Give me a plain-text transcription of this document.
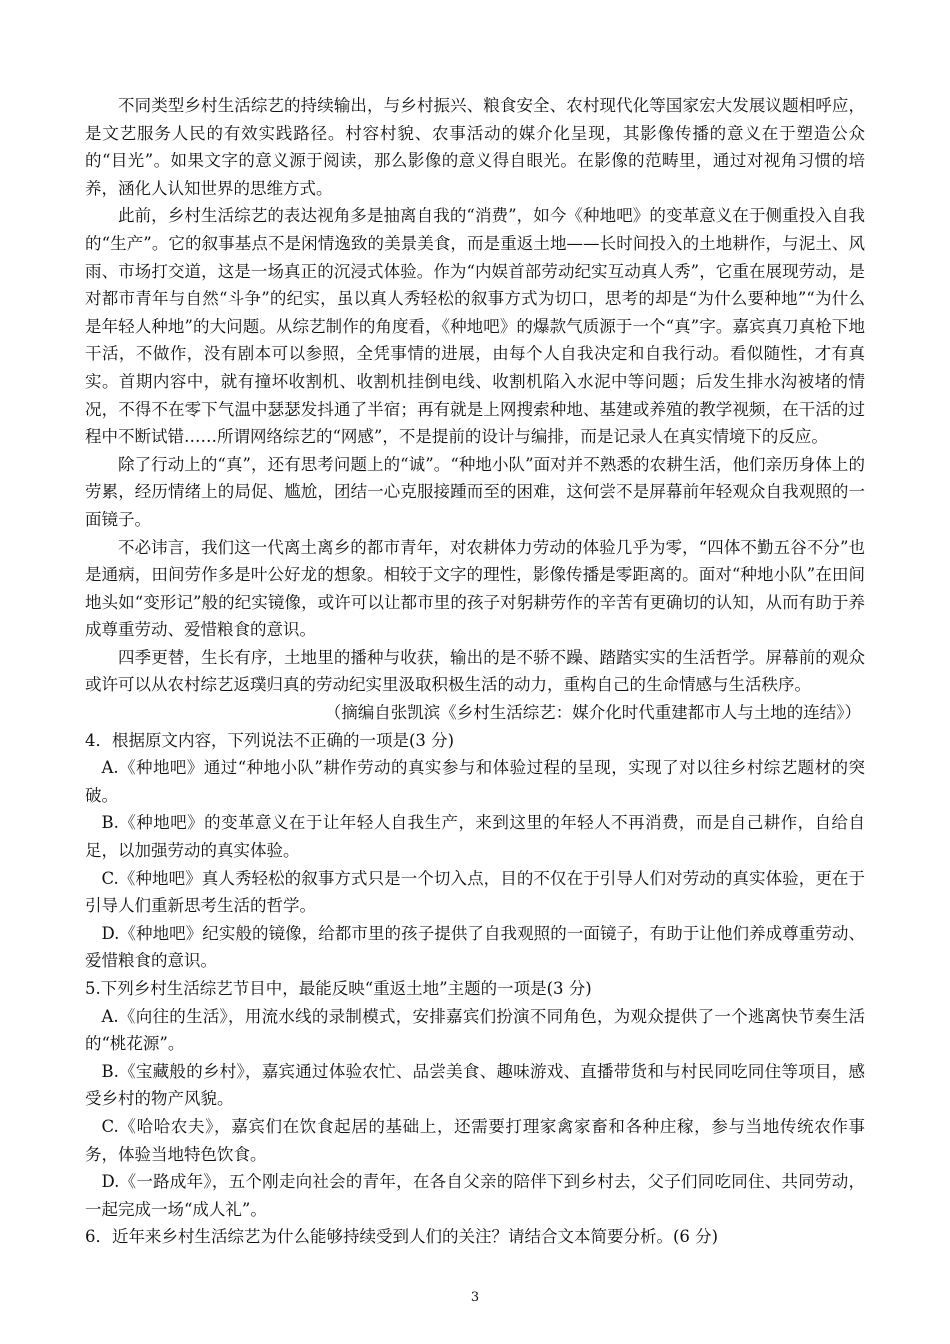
不同类型乡村生活综艺的持续输出，与乡村振兴、粮食安全、农村现代化等国家宏大发展议题相呼应，是文艺服务人民的有效实践路径。村容村貌、农事活动的媒介化呈现，其影像传播的意义在于塑造公众的“目光”。如果文字的意义源于阅读，那么影像的意义得自眼光。在影像的范畴里，通过对视角习惯的培养，涵化人认知世界的思维方式。

此前，乡村生活综艺的表达视角多是抽离自我的“消费”，如今《种地吧》的变革意义在于侧重投入自我的“生产”。它的叙事基点不是闲情逸致的美景美食，而是重返土地——长时间投入的土地耕作，与泥土、风雨、市场打交道，这是一场真正的沉浸式体验。作为“内娱首部劳动纪实互动真人秀”，它重在展现劳动，是对都市青年与自然“斗争”的纪实，虽以真人秀轻松的叙事方式为切口，思考的却是“为什么要种地”“为什么是年轻人种地”的大问题。从综艺制作的角度看，《种地吧》的爆款气质源于一个“真”字。嘉宾真刀真枪下地干活，不做作，没有剧本可以参照，全凭事情的进展，由每个人自我决定和自我行动。看似随性，才有真实。首期内容中，就有撞坏收割机、收割机挂倒电线、收割机陷入水泥中等问题；后发生排水沟被堵的情况，不得不在零下气温中瑟瑟发抖通了半宿；再有就是上网搜索种地、基建或养殖的教学视频，在干活的过程中不断试错……所谓网络综艺的“网感”，不是提前的设计与编排，而是记录人在真实情境下的反应。

除了行动上的“真”，还有思考问题上的“诚”。“种地小队”面对并不熟悉的农耕生活，他们亲历身体上的劳累，经历情绪上的局促、尴尬，团结一心克服接踵而至的困难，这何尝不是屏幕前年轻观众自我观照的一面镜子。

不必讳言，我们这一代离土离乡的都市青年，对农耕体力劳动的体验几乎为零，“四体不勤五谷不分”也是通病，田间劳作多是叶公好龙的想象。相较于文字的理性，影像传播是零距离的。面对“种地小队”在田间地头如“变形记”般的纪实镜像，或许可以让都市里的孩子对躬耕劳作的辛苦有更确切的认知，从而有助于养成尊重劳动、爱惜粮食的意识。

四季更替，生长有序，土地里的播种与收获，输出的是不骄不躁、踏踏实实的生活哲学。屏幕前的观众或许可以从农村综艺返璞归真的劳动纪实里汲取积极生活的动力，重构自己的生命情感与生活秩序。

（摘编自张凯滨《乡村生活综艺：媒介化时代重建都市人与土地的连结》）

4．根据原文内容，下列说法不正确的一项是(3 分)

A.《种地吧》通过“种地小队”耕作劳动的真实参与和体验过程的呈现，实现了对以往乡村综艺题材的突破。

B.《种地吧》的变革意义在于让年轻人自我生产，来到这里的年轻人不再消费，而是自己耕作，自给自足，以加强劳动的真实体验。

C.《种地吧》真人秀轻松的叙事方式只是一个切入点，目的不仅在于引导人们对劳动的真实体验，更在于引导人们重新思考生活的哲学。

D.《种地吧》纪实般的镜像，给都市里的孩子提供了自我观照的一面镜子，有助于让他们养成尊重劳动、爱惜粮食的意识。

5.下列乡村生活综艺节目中，最能反映“重返土地”主题的一项是(3 分)

A.《向往的生活》，用流水线的录制模式，安排嘉宾们扮演不同角色，为观众提供了一个逃离快节奏生活的“桃花源”。

B.《宝藏般的乡村》，嘉宾通过体验农忙、品尝美食、趣味游戏、直播带货和与村民同吃同住等项目，感受乡村的物产风貌。

C.《哈哈农夫》，嘉宾们在饮食起居的基础上，还需要打理家禽家畜和各种庄稼，参与当地传统农作事务，体验当地特色饮食。

D.《一路成年》，五个刚走向社会的青年，在各自父亲的陪伴下到乡村去，父子们同吃同住、共同劳动，一起完成一场“成人礼”。

6．近年来乡村生活综艺为什么能够持续受到人们的关注？请结合文本简要分析。(6 分)

3
